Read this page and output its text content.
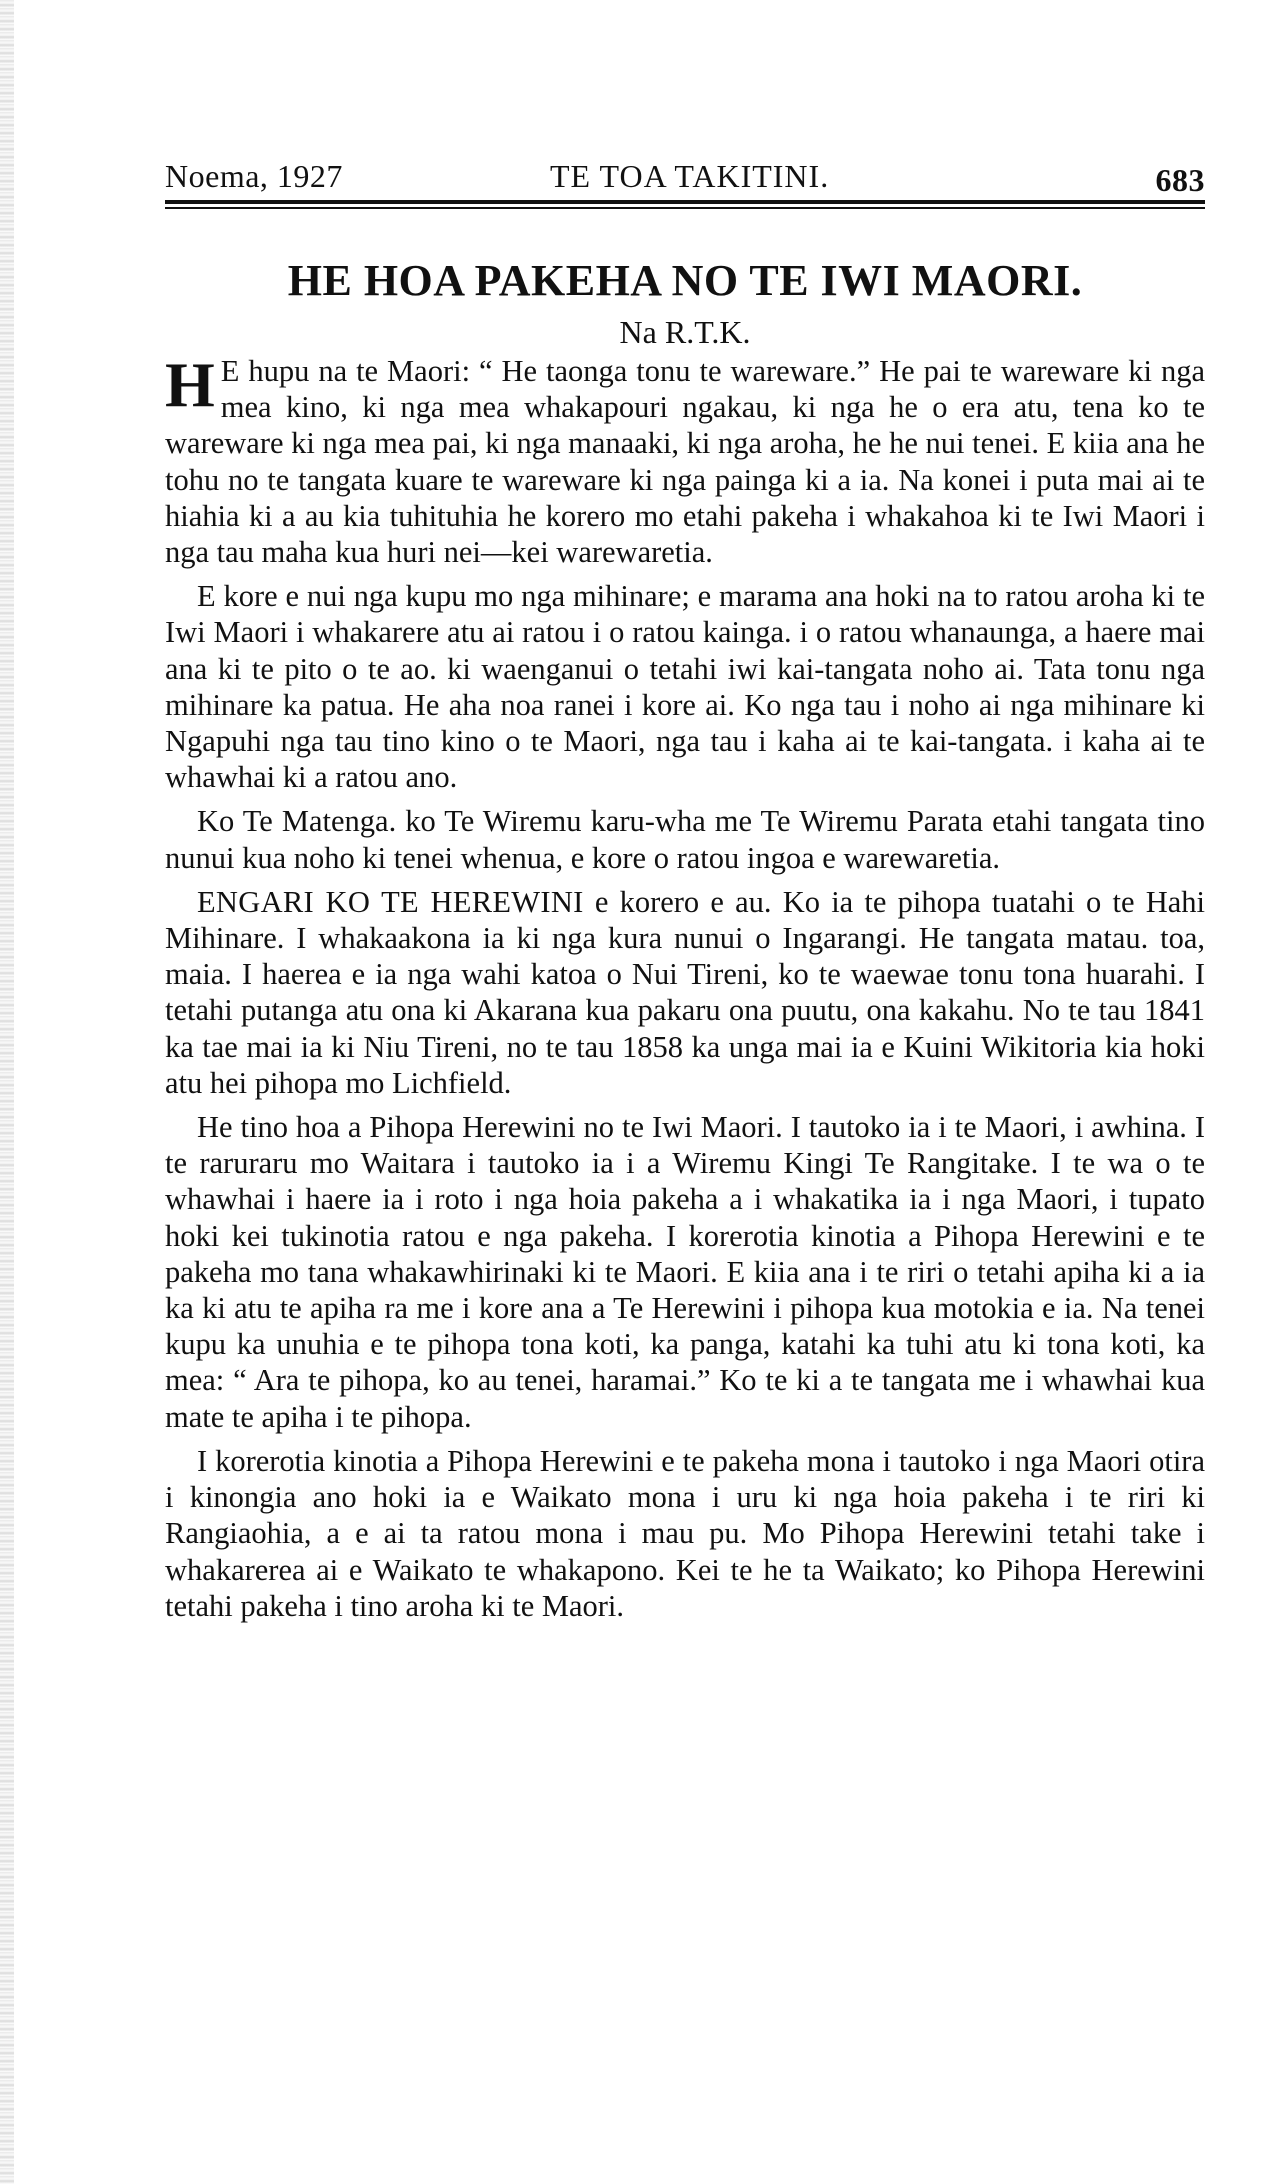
Noema, 1927	TE TOA TAKITINI.	683
HE HOA PAKEHA NO TE IWI MAORI.
Na R.T.K.

H E hupu na te Maori: “ He taonga tonu te wareware.” He pai te wareware ki nga mea kino, ki nga mea whakapouri ngakau, ki nga he o era atu, tena ko te wareware ki nga mea pai, ki nga manaaki, ki nga aroha, he he nui tenei. E kiia ana he tohu no te tangata kuare te wareware ki nga painga ki a ia. Na konei i puta mai ai te hiahia ki a au kia tuhituhia he korero mo etahi pakeha i whakahoa ki te Iwi Maori i nga tau maha kua huri nei—kei warewaretia.

E kore e nui nga kupu mo nga mihinare; e marama ana hoki na to ratou aroha ki te Iwi Maori i whakarere atu ai ratou i o ratou kainga. i o ratou whanaunga, a haere mai ana ki te pito o te ao. ki waenganui o tetahi iwi kai-tangata noho ai. Tata tonu nga mihinare ka patua. He aha noa ranei i kore ai. Ko nga tau i noho ai nga mihinare ki Ngapuhi nga tau tino kino o te Maori, nga tau i kaha ai te kai-tangata. i kaha ai te whawhai ki a ratou ano.

Ko Te Matenga. ko Te Wiremu karu-wha me Te Wiremu Parata etahi tangata tino nunui kua noho ki tenei whenua, e kore o ratou ingoa e warewaretia.

ENGARI KO TE HEREWINI e korero e au. Ko ia te pihopa tuatahi o te Hahi Mihinare. I whakaakona ia ki nga kura nunui o Ingarangi. He tangata matau. toa, maia. I haerea e ia nga wahi katoa o Nui Tireni, ko te waewae tonu tona huarahi. I tetahi putanga atu ona ki Akarana kua pakaru ona puutu, ona kakahu. No te tau 1841 ka tae mai ia ki Niu Tireni, no te tau 1858 ka unga mai ia e Kuini Wikitoria kia hoki atu hei pihopa mo Lichfield.

He tino hoa a Pihopa Herewini no te Iwi Maori. I tautoko ia i te Maori, i awhina. I te raruraru mo Waitara i tautoko ia i a Wiremu Kingi Te Rangitake. I te wa o te whawhai i haere ia i roto i nga hoia pakeha a i whakatika ia i nga Maori, i tupato hoki kei tukinotia ratou e nga pakeha. I korerotia kinotia a Pihopa Herewini e te pakeha mo tana whakawhirinaki ki te Maori. E kiia ana i te riri o tetahi apiha ki a ia ka ki atu te apiha ra me i kore ana a Te Herewini i pihopa kua motokia e ia. Na tenei kupu ka unuhia e te pihopa tona koti, ka panga, katahi ka tuhi atu ki tona koti, ka mea: “ Ara te pihopa, ko au tenei, haramai.” Ko te ki a te tangata me i whawhai kua mate te apiha i te pihopa.

I korerotia kinotia a Pihopa Herewini e te pakeha mona i tautoko i nga Maori otira i kinongia ano hoki ia e Waikato mona i uru ki nga hoia pakeha i te riri ki Rangiaohia, a e ai ta ratou mona i mau pu. Mo Pihopa Herewini tetahi take i whakarerea ai e Waikato te whakapono. Kei te he ta Waikato; ko Pihopa Herewini tetahi pakeha i tino aroha ki te Maori.
